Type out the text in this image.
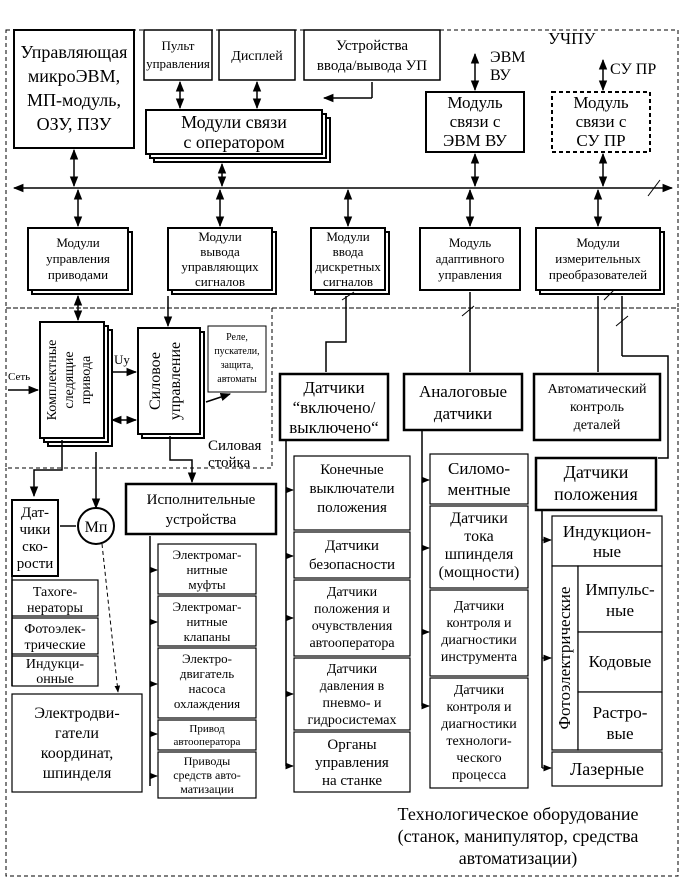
УЧПУ
ЭВМ
ВУ	СУ ПР
Управляющая
микроЭВМ,
МП-модуль,
ОЗУ, ПЗУ
Пульт
управления Дисплей
Устройства
ввода/вывода УП
Модули связи
с оператором
Модуль
связи с
ЭВМ ВУ
Модуль
связи с
СУ ПР
Модули
управления
приводами
Модули
вывода
управляющих
сигналов
Модули
ввода
дискретных
сигналов
Модуль
адаптивного
управления
Модули
измерительных
преобразователей
Комплектные следящие привода	Силовое управление
Реле,
пускатели,
защита,
автоматы
Сеть
Uу
Силовая
стойка
Дат-
чики
ско-
рости
Мп
Тахоге-
нераторы
Фотоэлек-
трические
Индукци-
онные
Электродви-
гатели
координат,
шпинделя
Исполнительные
устройства
Электромаг-
нитные
муфты
Электромаг-
нитные
клапаны
Электро-
двигатель
насоса
охлаждения
Привод
автооператора
Приводы
средств авто-
матизации
Датчики
“включено/
выключено“
Аналоговые
датчики
Автоматический
контроль
деталей
Датчики
положения
Конечные
выключатели
положения
Датчики
безопасности
Датчики
положения и
очувствления
автооператора
Датчики
давления в
пневмо- и
гидросистемах
Органы
управления
на станке
Силомо-
ментные
Датчики
тока
шпинделя
(мощности)
Датчики
контроля и
диагностики
инструмента
Датчики
контроля и
диагностики
технологи-
ческого
процесса
Индукцион-
ные
Фотоэлектрические Импульс-
ные
Кодовые
Растро-
вые
Лазерные
Технологическое оборудование
(станок, манипулятор, средства
автоматизации)
